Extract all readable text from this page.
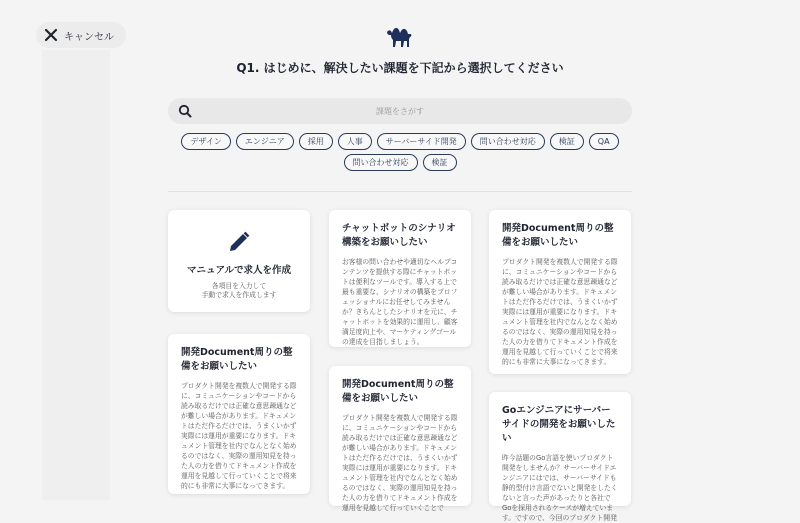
キャンセル
Q1. はじめに、解決したい課題を下記から選択してください
課題をさがす
デザイン	エンジニア	採用	人事	サーバーサイド開発	問い合わせ対応	検証	QA
問い合わせ対応	検証
マニュアルで求人を作成
各項目を入力して
手動で求人を作成します
開発Document周りの整備をお願いしたい
プロダクト開発を複数人で開発する際に、コミュニケーションやコードから読み取るだけでは正確な意思疎通などが難しい場合があります。ドキュメントはただ作るだけでは、うまくいかず実際には運用が重要になります。ドキュメント管理を社内でなんとなく始めるのではなく、実際の運用知見を持った人の力を借りてドキュメント作成を運用を見越して行っていくことで将来的にも非常に大事になってきます。
チャットボットのシナリオ構築をお願いしたい
お客様の問い合わせや適切なヘルプコンテンツを提供する際にチャットボットは便利なツールです。導入する上で最も重要な、シナリオの構築をプロフェッショナルにお任せしてみませんか？きちんとしたシナリオを元に、チャットボットを効果的に運用し、顧客満足度向上や、マーケティングゴールの達成を目指しましょう。
開発Document周りの整備をお願いしたい
プロダクト開発を複数人で開発する際に、コミュニケーションやコードから読み取るだけでは正確な意思疎通などが難しい場合があります。ドキュメントはただ作るだけでは、うまくいかず実際には運用が重要になります。ドキュメント管理を社内でなんとなく始めるのではなく、実際の運用知見を持った人の力を借りてドキュメント作成を運用を見越して行っていくことで
開発Document周りの整備をお願いしたい
プロダクト開発を複数人で開発する際に、コミュニケーションやコードから読み取るだけでは正確な意思疎通などが難しい場合があります。ドキュメントはただ作るだけでは、うまくいかず実際には運用が重要になります。ドキュメント管理を社内でなんとなく始めるのではなく、実際の運用知見を持った人の力を借りてドキュメント作成を運用を見越して行っていくことで将来的にも非常に大事になってきます。
Goエンジニアにサーバーサイドの開発をお願いしたい
昨今話題のGo言語を使いプロダクト開発をしませんか？サーバーサイドエンジニアにはでは、サーバーサイドも静的型付け言語でないと開発をしたくないと言った声があったりと各社でGoを採用されるケースが増えています。ですので、今回のプロダクト開発
